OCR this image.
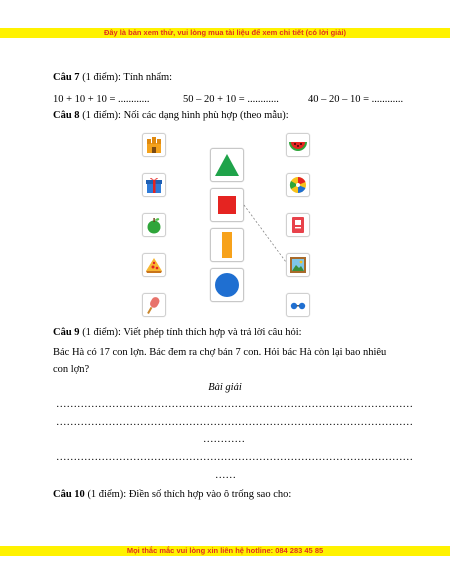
Đây là bản xem thử, vui lòng mua tài liệu để xem chi tiết (có lời giải)
Câu 7 (1 điểm): Tính nhẩm:
10 + 10 + 10 = ............	50 – 20 + 10 = ............	40 – 20 – 10 = ............
Câu 8 (1 điểm): Nối các dạng hình phù hợp (theo mẫu):
Câu 9 (1 điểm): Viết phép tính thích hợp và trả lời câu hỏi:
Bác Hà có 17 con lợn. Bác đem ra chợ bán 7 con. Hỏi bác Hà còn lại bao nhiêu
con lợn?
Bài giải
…………………………………………………………………………………………
…………………………………………………………………………………………
…………
…………………………………………………………………………………………
……
Câu 10 (1 điểm): Điền số thích hợp vào ô trống sao cho:
Mọi thắc mắc vui lòng xin liên hệ hotline: 084 283 45 85
